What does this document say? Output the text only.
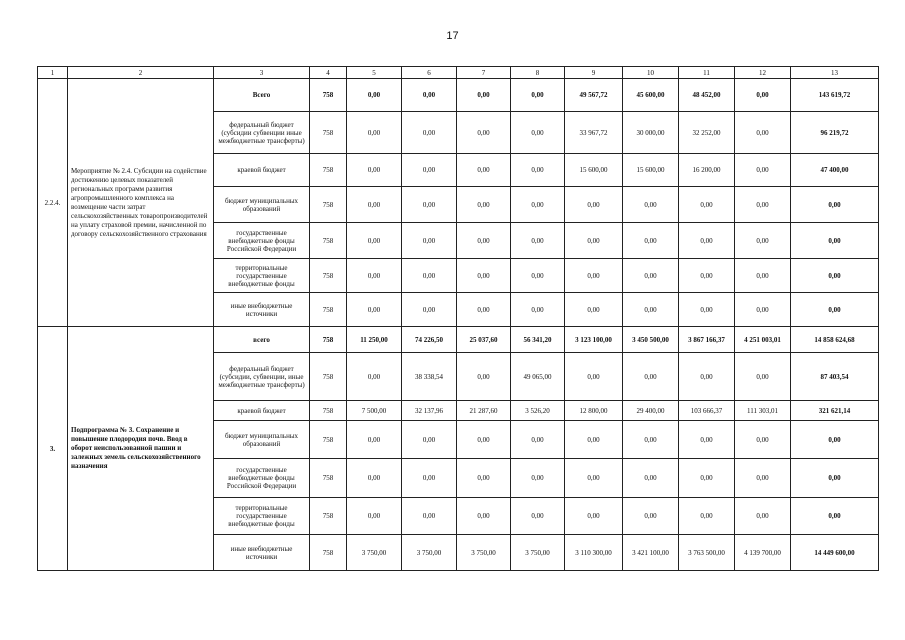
17
1	2	3	4	5	6	7	8	9	10	11	12	13
2.2.4.	Мероприятие № 2.4. Субсидии на содействие достижению целевых показателей региональных программ развития агропромышленного комплекса на возмещение части затрат сельскохозяйственных товаропроизводителей на уплату страховой премии, начисленной по договору сельскохозяйственного страхования	Всего	758	0,00	0,00	0,00	0,00	49 567,72	45 600,00	48 452,00	0,00	143 619,72
		федеральный бюджет (субсидии субвенции иные межбюджетные трансферты)	758	0,00	0,00	0,00	0,00	33 967,72	30 000,00	32 252,00	0,00	96 219,72
		краевой бюджет	758	0,00	0,00	0,00	0,00	15 600,00	15 600,00	16 200,00	0,00	47 400,00
		бюджет муниципальных образований	758	0,00	0,00	0,00	0,00	0,00	0,00	0,00	0,00	0,00
		государственные внебюджетные фонды Российской Федерации	758	0,00	0,00	0,00	0,00	0,00	0,00	0,00	0,00	0,00
		территориальные государственные внебюджетные фонды	758	0,00	0,00	0,00	0,00	0,00	0,00	0,00	0,00	0,00
		иные внебюджетные источники	758	0,00	0,00	0,00	0,00	0,00	0,00	0,00	0,00	0,00
3.	Подпрограмма № 3. Сохранение и повышение плодородия почв. Ввод в оборот неиспользованной пашни и залежных земель сельскохозяйственного назначения	всего	758	11 250,00	74 226,50	25 037,60	56 341,20	3 123 100,00	3 450 500,00	3 867 166,37	4 251 003,01	14 858 624,68
		федеральный бюджет (субсидии, субвенции, иные межбюджетные трансферты)	758	0,00	38 338,54	0,00	49 065,00	0,00	0,00	0,00	0,00	87 403,54
		краевой бюджет	758	7 500,00	32 137,96	21 287,60	3 526,20	12 800,00	29 400,00	103 666,37	111 303,01	321 621,14
		бюджет муниципальных образований	758	0,00	0,00	0,00	0,00	0,00	0,00	0,00	0,00	0,00
		государственные внебюджетные фонды Российской Федерации	758	0,00	0,00	0,00	0,00	0,00	0,00	0,00	0,00	0,00
		территориальные государственные внебюджетные фонды	758	0,00	0,00	0,00	0,00	0,00	0,00	0,00	0,00	0,00
		иные внебюджетные источники	758	3 750,00	3 750,00	3 750,00	3 750,00	3 110 300,00	3 421 100,00	3 763 500,00	4 139 700,00	14 449 600,00
